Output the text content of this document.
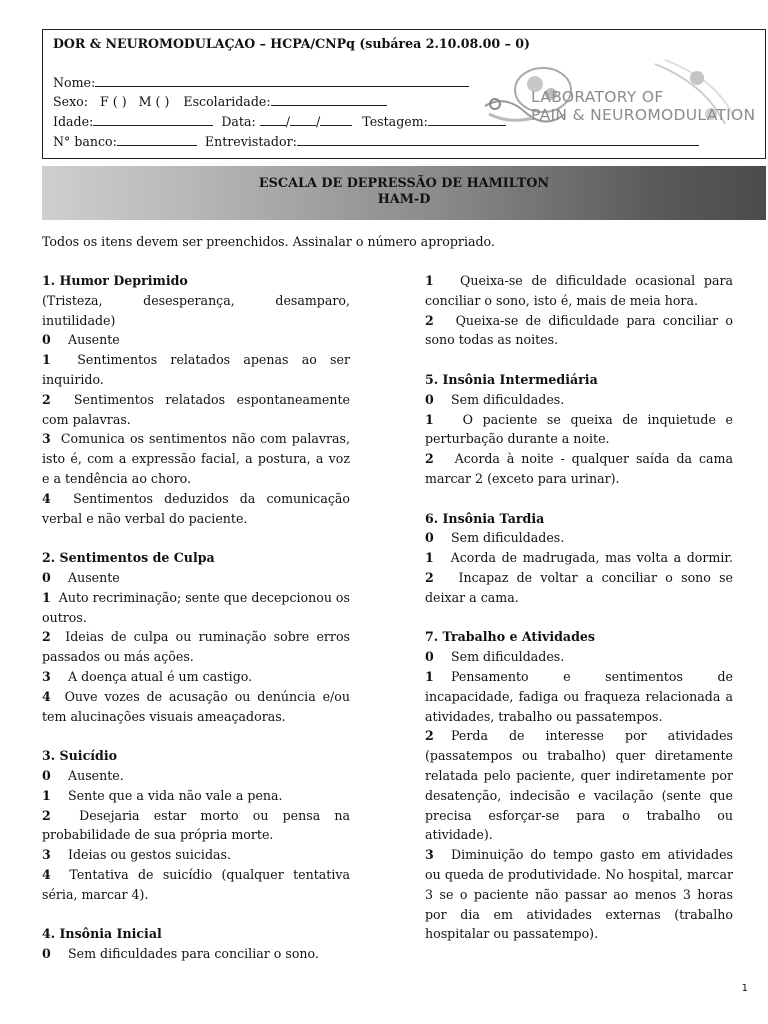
DOR & NEUROMODULAÇAO – HCPA/CNPq (subárea 2.10.08.00 – 0)
Nome:
Sexo: F ( ) M ( ) Escolaridade:
Idade:	Data: / /	Testagem:
N° banco:	Entrevistador:
LABORATORY OF
PAIN & NEUROMODULATION
ESCALA DE DEPRESSÃO DE HAMILTON
HAM-D
Todos os itens devem ser preenchidos. Assinalar o número apropriado.

1. Humor Deprimido

(Tristeza, desesperança, desamparo, inutilidade)

0 Ausente

1 Sentimentos relatados apenas ao ser inquirido.

2 Sentimentos relatados espontaneamente com palavras.

3 Comunica os sentimentos não com palavras, isto é, com a expressão facial, a postura, a voz e a tendência ao choro.

4 Sentimentos deduzidos da comunicação verbal e não verbal do paciente.

2. Sentimentos de Culpa

0 Ausente

1 Auto recriminação; sente que decepcionou os outros.

2 Ideias de culpa ou ruminação sobre erros passados ou más ações.

3 A doença atual é um castigo.

4 Ouve vozes de acusação ou denúncia e/ou tem alucinações visuais ameaçadoras.

3. Suicídio

0 Ausente.

1 Sente que a vida não vale a pena.

2 Desejaria estar morto ou pensa na probabilidade de sua própria morte.

3 Ideias ou gestos suicidas.

4 Tentativa de suicídio (qualquer tentativa séria, marcar 4).

4. Insônia Inicial

0 Sem dificuldades para conciliar o sono.

1 Queixa-se de dificuldade ocasional para conciliar o sono, isto é, mais de meia hora.

2 Queixa-se de dificuldade para conciliar o sono todas as noites.

5. Insônia Intermediária

0 Sem dificuldades.

1 O paciente se queixa de inquietude e perturbação durante a noite.

2 Acorda à noite - qualquer saída da cama marcar 2 (exceto para urinar).

6. Insônia Tardia

0 Sem dificuldades.

1 Acorda de madrugada, mas volta a dormir. 2 Incapaz de voltar a conciliar o sono se deixar a cama.

7. Trabalho e Atividades

0 Sem dificuldades.

1 Pensamento e sentimentos de incapacidade, fadiga ou fraqueza relacionada a atividades, trabalho ou passatempos.

2 Perda de interesse por atividades (passatempos ou trabalho) quer diretamente relatada pelo paciente, quer indiretamente por desatenção, indecisão e vacilação (sente que precisa esforçar-se para o trabalho ou atividade).

3 Diminuição do tempo gasto em atividades ou queda de produtividade. No hospital, marcar 3 se o paciente não passar ao menos 3 horas por dia em atividades externas (trabalho hospitalar ou passatempo).

1
